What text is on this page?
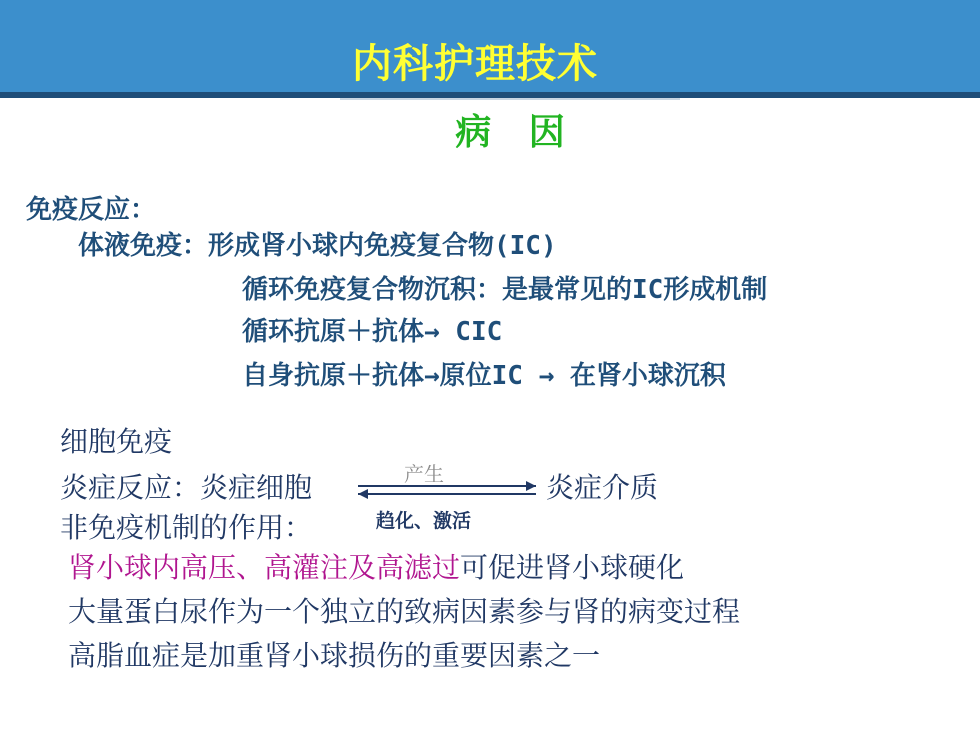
内科护理技术
病   因
免疫反应：
体液免疫：形成肾小球内免疫复合物(IC)
循环免疫复合物沉积：是最常见的IC形成机制
循环抗原＋抗体→ CIC
自身抗原＋抗体→原位IC → 在肾小球沉积
细胞免疫
炎症反应：炎症细胞	产生
趋化、激活
炎症介质
非免疫机制的作用：
肾小球内高压、高灌注及高滤过可促进肾小球硬化
大量蛋白尿作为一个独立的致病因素参与肾的病变过程
高脂血症是加重肾小球损伤的重要因素之一
